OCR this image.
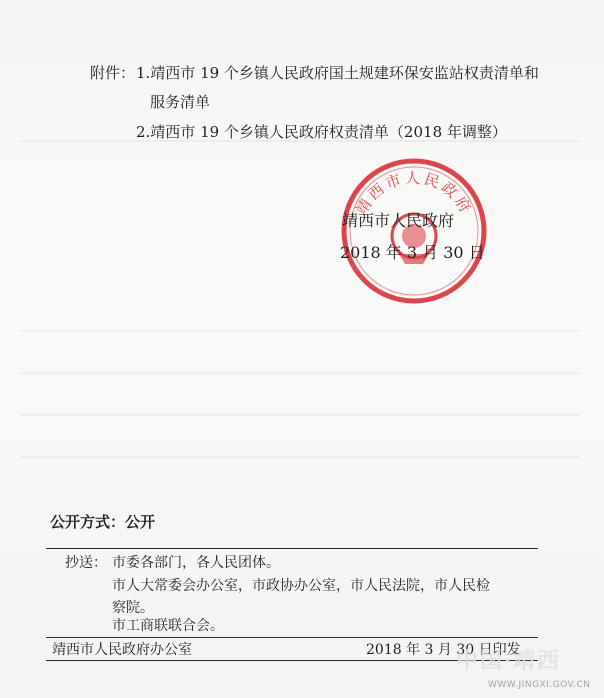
附件： 1.靖西市 19 个乡镇人民政府国土规建环保安监站权责清单和
服务清单
2.靖西市 19 个乡镇人民政府权责清单（2018 年调整）
靖西市人民政府
靖西市人民政府
2018 年 3 月 30 日
公开方式：公开
抄送： 市委各部门，各人民团体。
市人大常委会办公室，市政协办公室，市人民法院，市人民检
察院。
市工商联联合会。
靖西市人民政府办公室	2018 年 3 月 30 日印发
中国·靖西
WWW.JINGXI.GOV.CN
